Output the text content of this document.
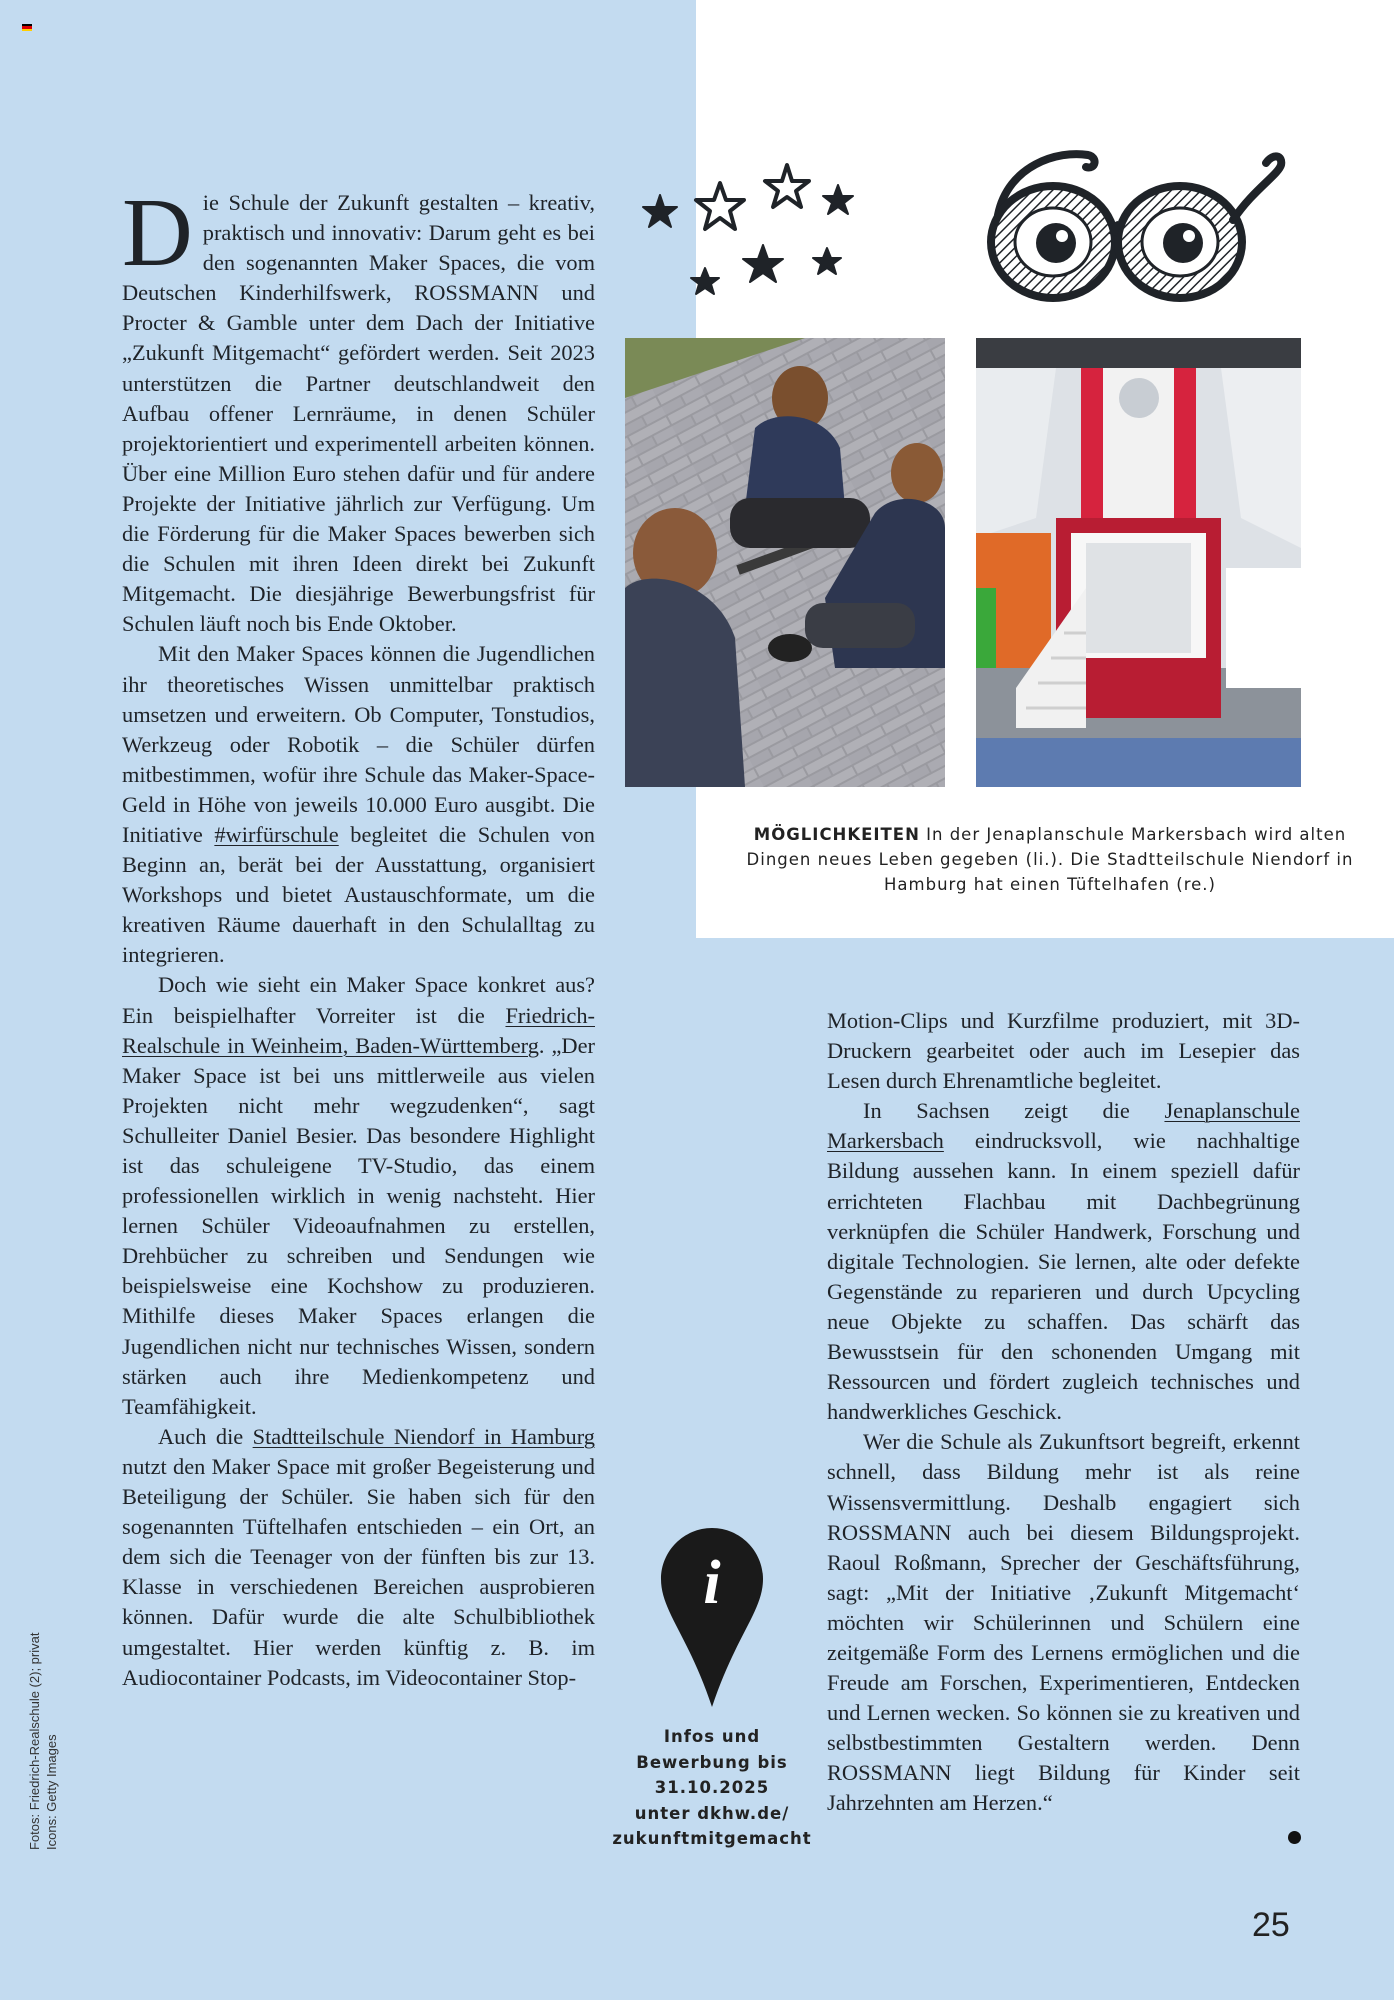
Die Schule der Zukunft gestalten – kreativ, praktisch und innovativ: Darum geht es bei den sogenannten Maker Spaces, die vom Deutschen Kinderhilfswerk, ROSSMANN und Procter & Gamble unter dem Dach der Initiative „Zukunft Mitgemacht“ gefördert werden. Seit 2023 unterstützen die Partner deutschlandweit den Aufbau offener Lernräume, in denen Schüler projektorientiert und experimentell arbeiten können. Über eine Million Euro stehen dafür und für andere Projekte der Initiative jährlich zur Verfügung. Um die Förderung für die Maker Spaces bewerben sich die Schulen mit ihren Ideen direkt bei Zukunft Mitgemacht. Die diesjährige Bewerbungsfrist für Schulen läuft noch bis Ende Oktober.

Mit den Maker Spaces können die Jugendlichen ihr theoretisches Wissen unmittelbar praktisch umsetzen und erweitern. Ob Computer, Tonstudios, Werkzeug oder Robotik – die Schüler dürfen mitbestimmen, wofür ihre Schule das Maker-Space-Geld in Höhe von jeweils 10.000 Euro ausgibt. Die Initiative #wirfürschule begleitet die Schulen von Beginn an, berät bei der Ausstattung, organisiert Workshops und bietet Austauschformate, um die kreativen Räume dauerhaft in den Schulalltag zu integrieren.

Doch wie sieht ein Maker Space konkret aus? Ein beispielhafter Vorreiter ist die Friedrich-Realschule in Weinheim, Baden-Württemberg. „Der Maker Space ist bei uns mittlerweile aus vielen Projekten nicht mehr wegzudenken“, sagt Schulleiter Daniel Besier. Das besondere Highlight ist das schuleigene TV-Studio, das einem professionellen wirklich in wenig nachsteht. Hier lernen Schüler Videoaufnahmen zu erstellen, Drehbücher zu schreiben und Sendungen wie beispielsweise eine Kochshow zu produzieren. Mithilfe dieses Maker Spaces erlangen die Jugendlichen nicht nur technisches Wissen, sondern stärken auch ihre Medienkompetenz und Teamfähigkeit.

Auch die Stadtteilschule Niendorf in Hamburg nutzt den Maker Space mit großer Begeisterung und Beteiligung der Schüler. Sie haben sich für den sogenannten Tüftelhafen entschieden – ein Ort, an dem sich die Teenager von der fünften bis zur 13. Klasse in verschiedenen Bereichen ausprobieren können. Dafür wurde die alte Schulbibliothek umgestaltet. Hier werden künftig z. B. im Audiocontainer Podcasts, im Videocontainer Stop-

Motion-Clips und Kurzfilme produziert, mit 3D-Druckern gearbeitet oder auch im Lesepier das Lesen durch Ehrenamtliche begleitet.

In Sachsen zeigt die Jenaplanschule Markersbach eindrucksvoll, wie nachhaltige Bildung aussehen kann. In einem speziell dafür errichteten Flachbau mit Dachbegrünung verknüpfen die Schüler Handwerk, Forschung und digitale Technologien. Sie lernen, alte oder defekte Gegenstände zu reparieren und durch Upcycling neue Objekte zu schaffen. Das schärft das Bewusstsein für den schonenden Umgang mit Ressourcen und fördert zugleich technisches und handwerkliches Geschick.

Wer die Schule als Zukunftsort begreift, erkennt schnell, dass Bildung mehr ist als reine Wissensvermittlung. Deshalb engagiert sich ROSSMANN auch bei diesem Bildungsprojekt. Raoul Roßmann, Sprecher der Geschäftsführung, sagt: „Mit der Initiative ‚Zukunft Mitgemacht‘ möchten wir Schülerinnen und Schülern eine zeitgemäße Form des Lernens ermöglichen und die Freude am Forschen, Experimentieren, Entdecken und Lernen wecken. So können sie zu kreativen und selbstbestimmten Gestaltern werden. Denn ROSSMANN liegt Bildung für Kinder seit Jahrzehnten am Herzen.“

MÖGLICHKEITEN In der Jenaplanschule Markersbach wird alten Dingen neues Leben gegeben (li.). Die Stadtteilschule Niendorf in Hamburg hat einen Tüftelhafen (re.)
i
Infos und
Bewerbung bis
31.10.2025
unter dkhw.de/
zukunftmitgemacht
Fotos: Friedrich-Realschule (2); privat Icons: Getty Images
25
